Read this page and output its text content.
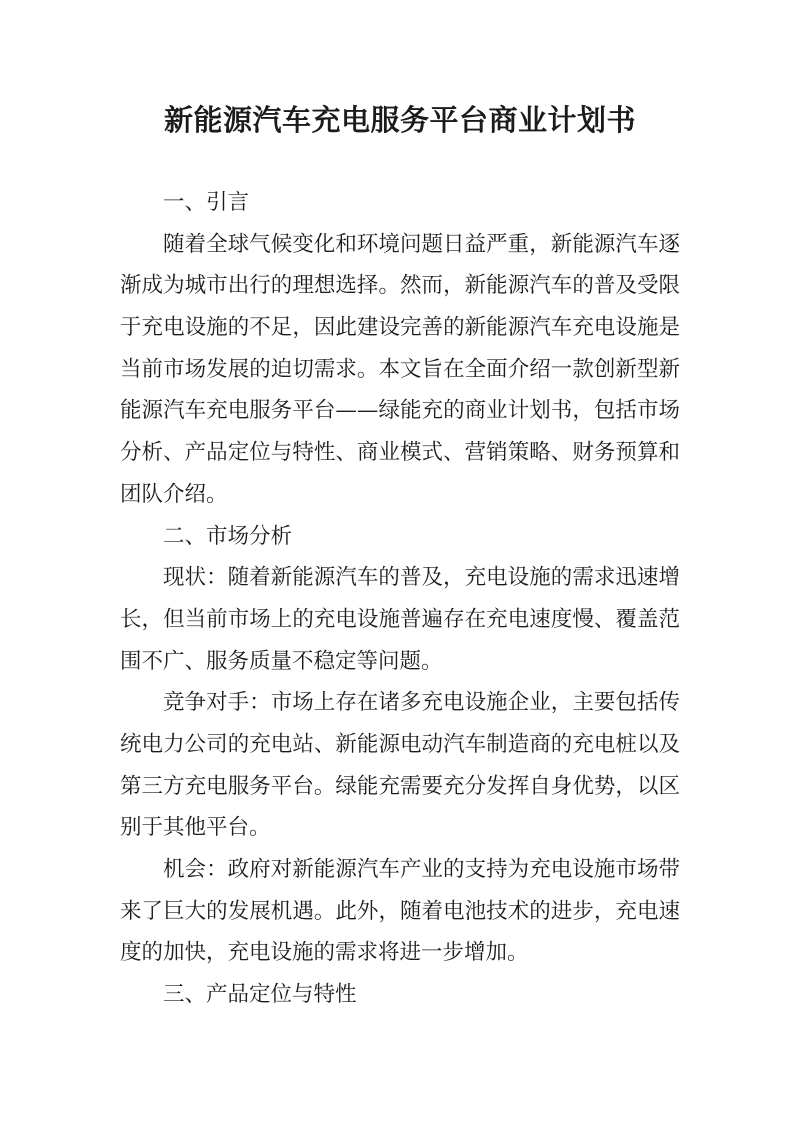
新能源汽车充电服务平台商业计划书
一、引言
随着全球气候变化和环境问题日益严重，新能源汽车逐
渐成为城市出行的理想选择。然而，新能源汽车的普及受限
于充电设施的不足，因此建设完善的新能源汽车充电设施是
当前市场发展的迫切需求。本文旨在全面介绍一款创新型新
能源汽车充电服务平台——绿能充的商业计划书，包括市场
分析、产品定位与特性、商业模式、营销策略、财务预算和
团队介绍。
二、市场分析
现状：随着新能源汽车的普及，充电设施的需求迅速增
长，但当前市场上的充电设施普遍存在充电速度慢、覆盖范
围不广、服务质量不稳定等问题。
竞争对手：市场上存在诸多充电设施企业，主要包括传
统电力公司的充电站、新能源电动汽车制造商的充电桩以及
第三方充电服务平台。绿能充需要充分发挥自身优势，以区
别于其他平台。
机会：政府对新能源汽车产业的支持为充电设施市场带
来了巨大的发展机遇。此外，随着电池技术的进步，充电速
度的加快，充电设施的需求将进一步增加。
三、产品定位与特性
